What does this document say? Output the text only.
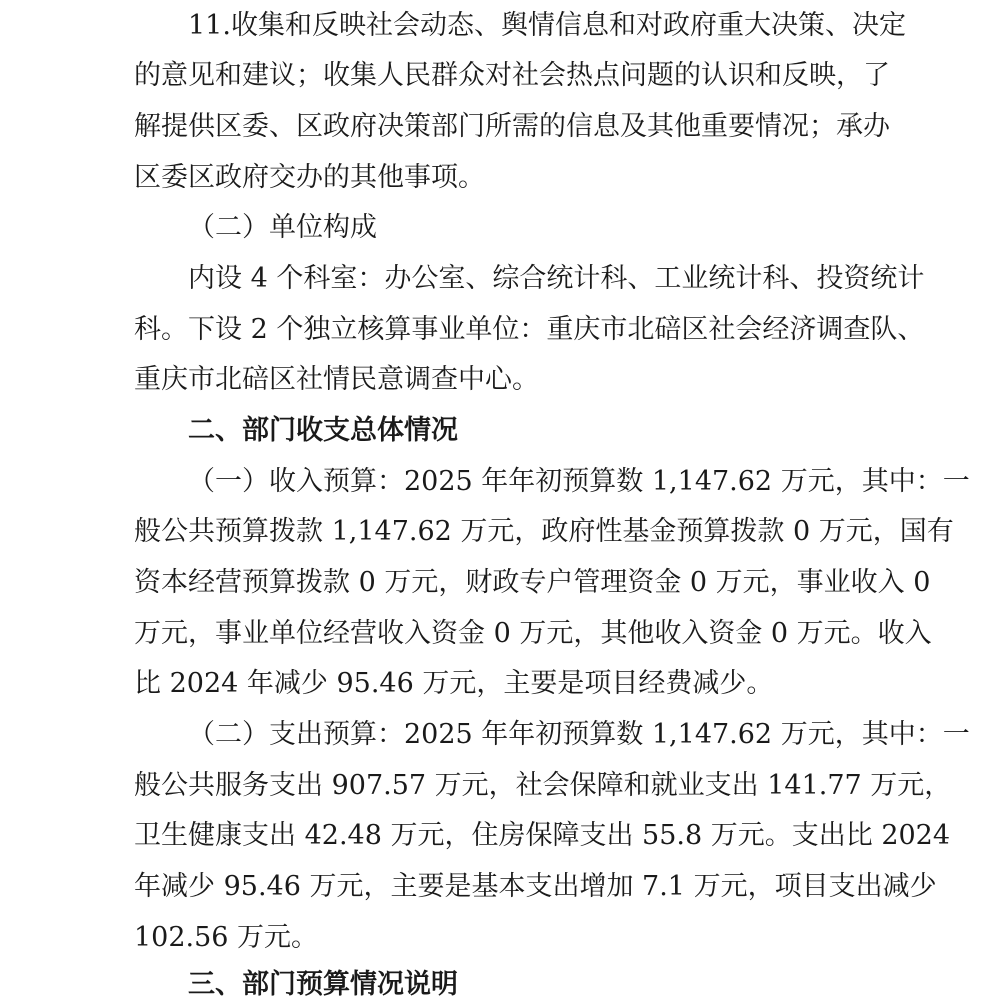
11.收集和反映社会动态、舆情信息和对政府重大决策、决定
的意见和建议；收集人民群众对社会热点问题的认识和反映，了
解提供区委、区政府决策部门所需的信息及其他重要情况；承办
区委区政府交办的其他事项。
（二）单位构成
内设 4 个科室：办公室、综合统计科、工业统计科、投资统计
科。下设 2 个独立核算事业单位：重庆市北碚区社会经济调查队、
重庆市北碚区社情民意调查中心。
二、部门收支总体情况
（一）收入预算：2025 年年初预算数 1,147.62 万元，其中：一
般公共预算拨款 1,147.62 万元，政府性基金预算拨款 0 万元，国有
资本经营预算拨款 0 万元，财政专户管理资金 0 万元，事业收入 0
万元，事业单位经营收入资金 0 万元，其他收入资金 0 万元。收入
比 2024 年减少 95.46 万元，主要是项目经费减少。
（二）支出预算：2025 年年初预算数 1,147.62 万元，其中：一
般公共服务支出 907.57 万元，社会保障和就业支出 141.77 万元，
卫生健康支出 42.48 万元，住房保障支出 55.8 万元。支出比 2024
年减少 95.46 万元，主要是基本支出增加 7.1 万元，项目支出减少
102.56 万元。
三、部门预算情况说明
